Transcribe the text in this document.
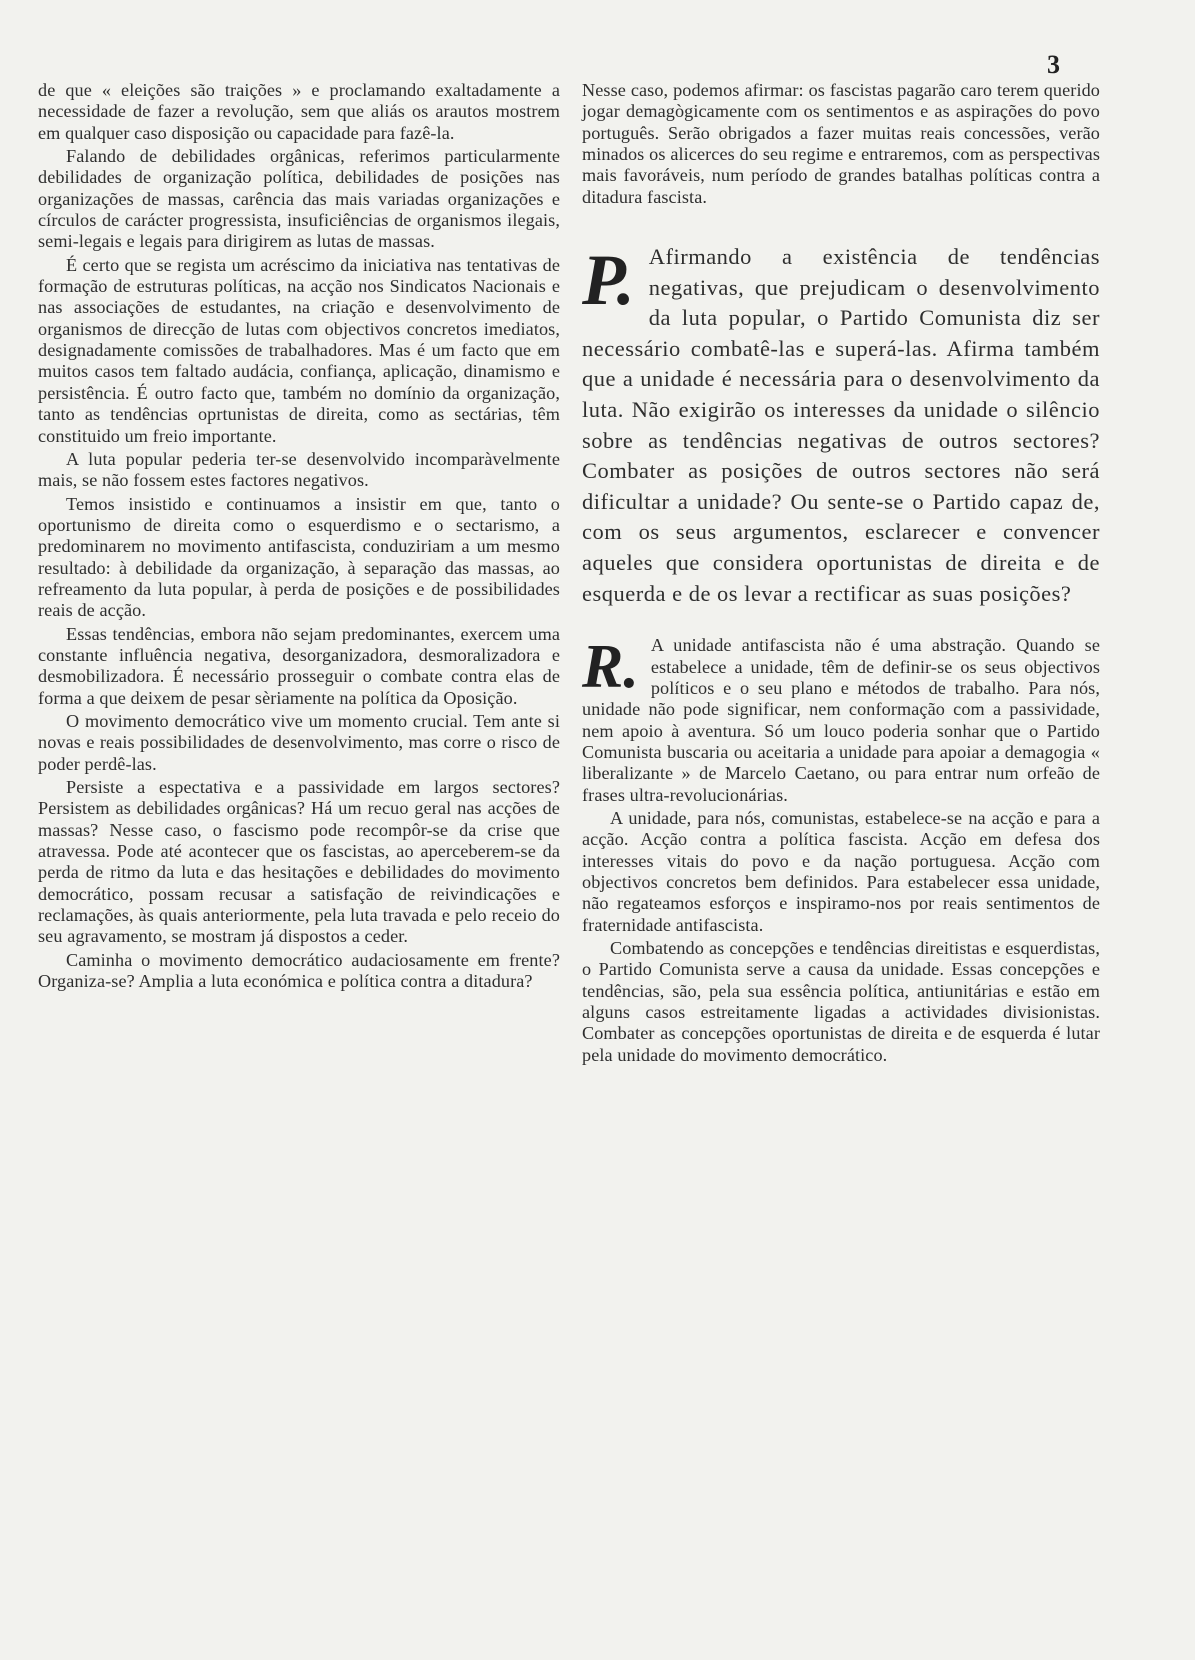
3

de que « eleições são traições » e proclamando exaltadamente a necessidade de fazer a revolução, sem que aliás os arautos mostrem em qualquer caso disposição ou capacidade para fazê-la.

Falando de debilidades orgânicas, referimos particularmente debilidades de organização política, debilidades de posições nas organizações de massas, carência das mais variadas organizações e círculos de carácter progressista, insuficiências de organismos ilegais, semi-legais e legais para dirigirem as lutas de massas.

É certo que se regista um acréscimo da iniciativa nas tentativas de formação de estruturas políticas, na acção nos Sindicatos Nacionais e nas associações de estudantes, na criação e desenvolvimento de organismos de direcção de lutas com objectivos concretos imediatos, designadamente comissões de trabalhadores. Mas é um facto que em muitos casos tem faltado audácia, confiança, aplicação, dinamismo e persistência. É outro facto que, também no domínio da organização, tanto as tendências oprtunistas de direita, como as sectárias, têm constituido um freio importante.

A luta popular pederia ter-se desenvolvido incomparàvelmente mais, se não fossem estes factores negativos.

Temos insistido e continuamos a insistir em que, tanto o oportunismo de direita como o esquerdismo e o sectarismo, a predominarem no movimento antifascista, conduziriam a um mesmo resultado: à debilidade da organização, à separação das massas, ao refreamento da luta popular, à perda de posições e de possibilidades reais de acção.

Essas tendências, embora não sejam predominantes, exercem uma constante influência negativa, desorganizadora, desmoralizadora e desmobilizadora. É necessário prosseguir o combate contra elas de forma a que deixem de pesar sèriamente na política da Oposição.

O movimento democrático vive um momento crucial. Tem ante si novas e reais possibilidades de desenvolvimento, mas corre o risco de poder perdê-las.

Persiste a espectativa e a passividade em largos sectores? Persistem as debilidades orgânicas? Há um recuo geral nas acções de massas? Nesse caso, o fascismo pode recompôr-se da crise que atravessa. Pode até acontecer que os fascistas, ao aperceberem-se da perda de ritmo da luta e das hesitações e debilidades do movimento democrático, possam recusar a satisfação de reivindicações e reclamações, às quais anteriormente, pela luta travada e pelo receio do seu agravamento, se mostram já dispostos a ceder.

Caminha o movimento democrático audaciosamente em frente? Organiza-se? Amplia a luta económica e política contra a ditadura?

Nesse caso, podemos afirmar: os fascistas pagarão caro terem querido jogar demagògicamente com os sentimentos e as aspirações do povo português. Serão obrigados a fazer muitas reais concessões, verão minados os alicerces do seu regime e entraremos, com as perspectivas mais favoráveis, num período de grandes batalhas políticas contra a ditadura fascista.

P. Afirmando a existência de tendências negativas, que prejudicam o desenvolvimento da luta popular, o Partido Comunista diz ser necessário combatê-las e superá-las. Afirma também que a unidade é necessária para o desenvolvimento da luta. Não exigirão os interesses da unidade o silêncio sobre as tendências negativas de outros sectores? Combater as posições de outros sectores não será dificultar a unidade? Ou sente-se o Partido capaz de, com os seus argumentos, esclarecer e convencer aqueles que considera oportunistas de direita e de esquerda e de os levar a rectificar as suas posições?

R. A unidade antifascista não é uma abstração. Quando se estabelece a unidade, têm de definir-se os seus objectivos políticos e o seu plano e métodos de trabalho. Para nós, unidade não pode significar, nem conformação com a passividade, nem apoio à aventura. Só um louco poderia sonhar que o Partido Comunista buscaria ou aceitaria a unidade para apoiar a demagogia « liberalizante » de Marcelo Caetano, ou para entrar num orfeão de frases ultra-revolucionárias.

A unidade, para nós, comunistas, estabelece-se na acção e para a acção. Acção contra a política fascista. Acção em defesa dos interesses vitais do povo e da nação portuguesa. Acção com objectivos concretos bem definidos. Para estabelecer essa unidade, não regateamos esforços e inspiramo-nos por reais sentimentos de fraternidade antifascista.

Combatendo as concepções e tendências direitistas e esquerdistas, o Partido Comunista serve a causa da unidade. Essas concepções e tendências, são, pela sua essência política, antiunitárias e estão em alguns casos estreitamente ligadas a actividades divisionistas. Combater as concepções oportunistas de direita e de esquerda é lutar pela unidade do movimento democrático.
